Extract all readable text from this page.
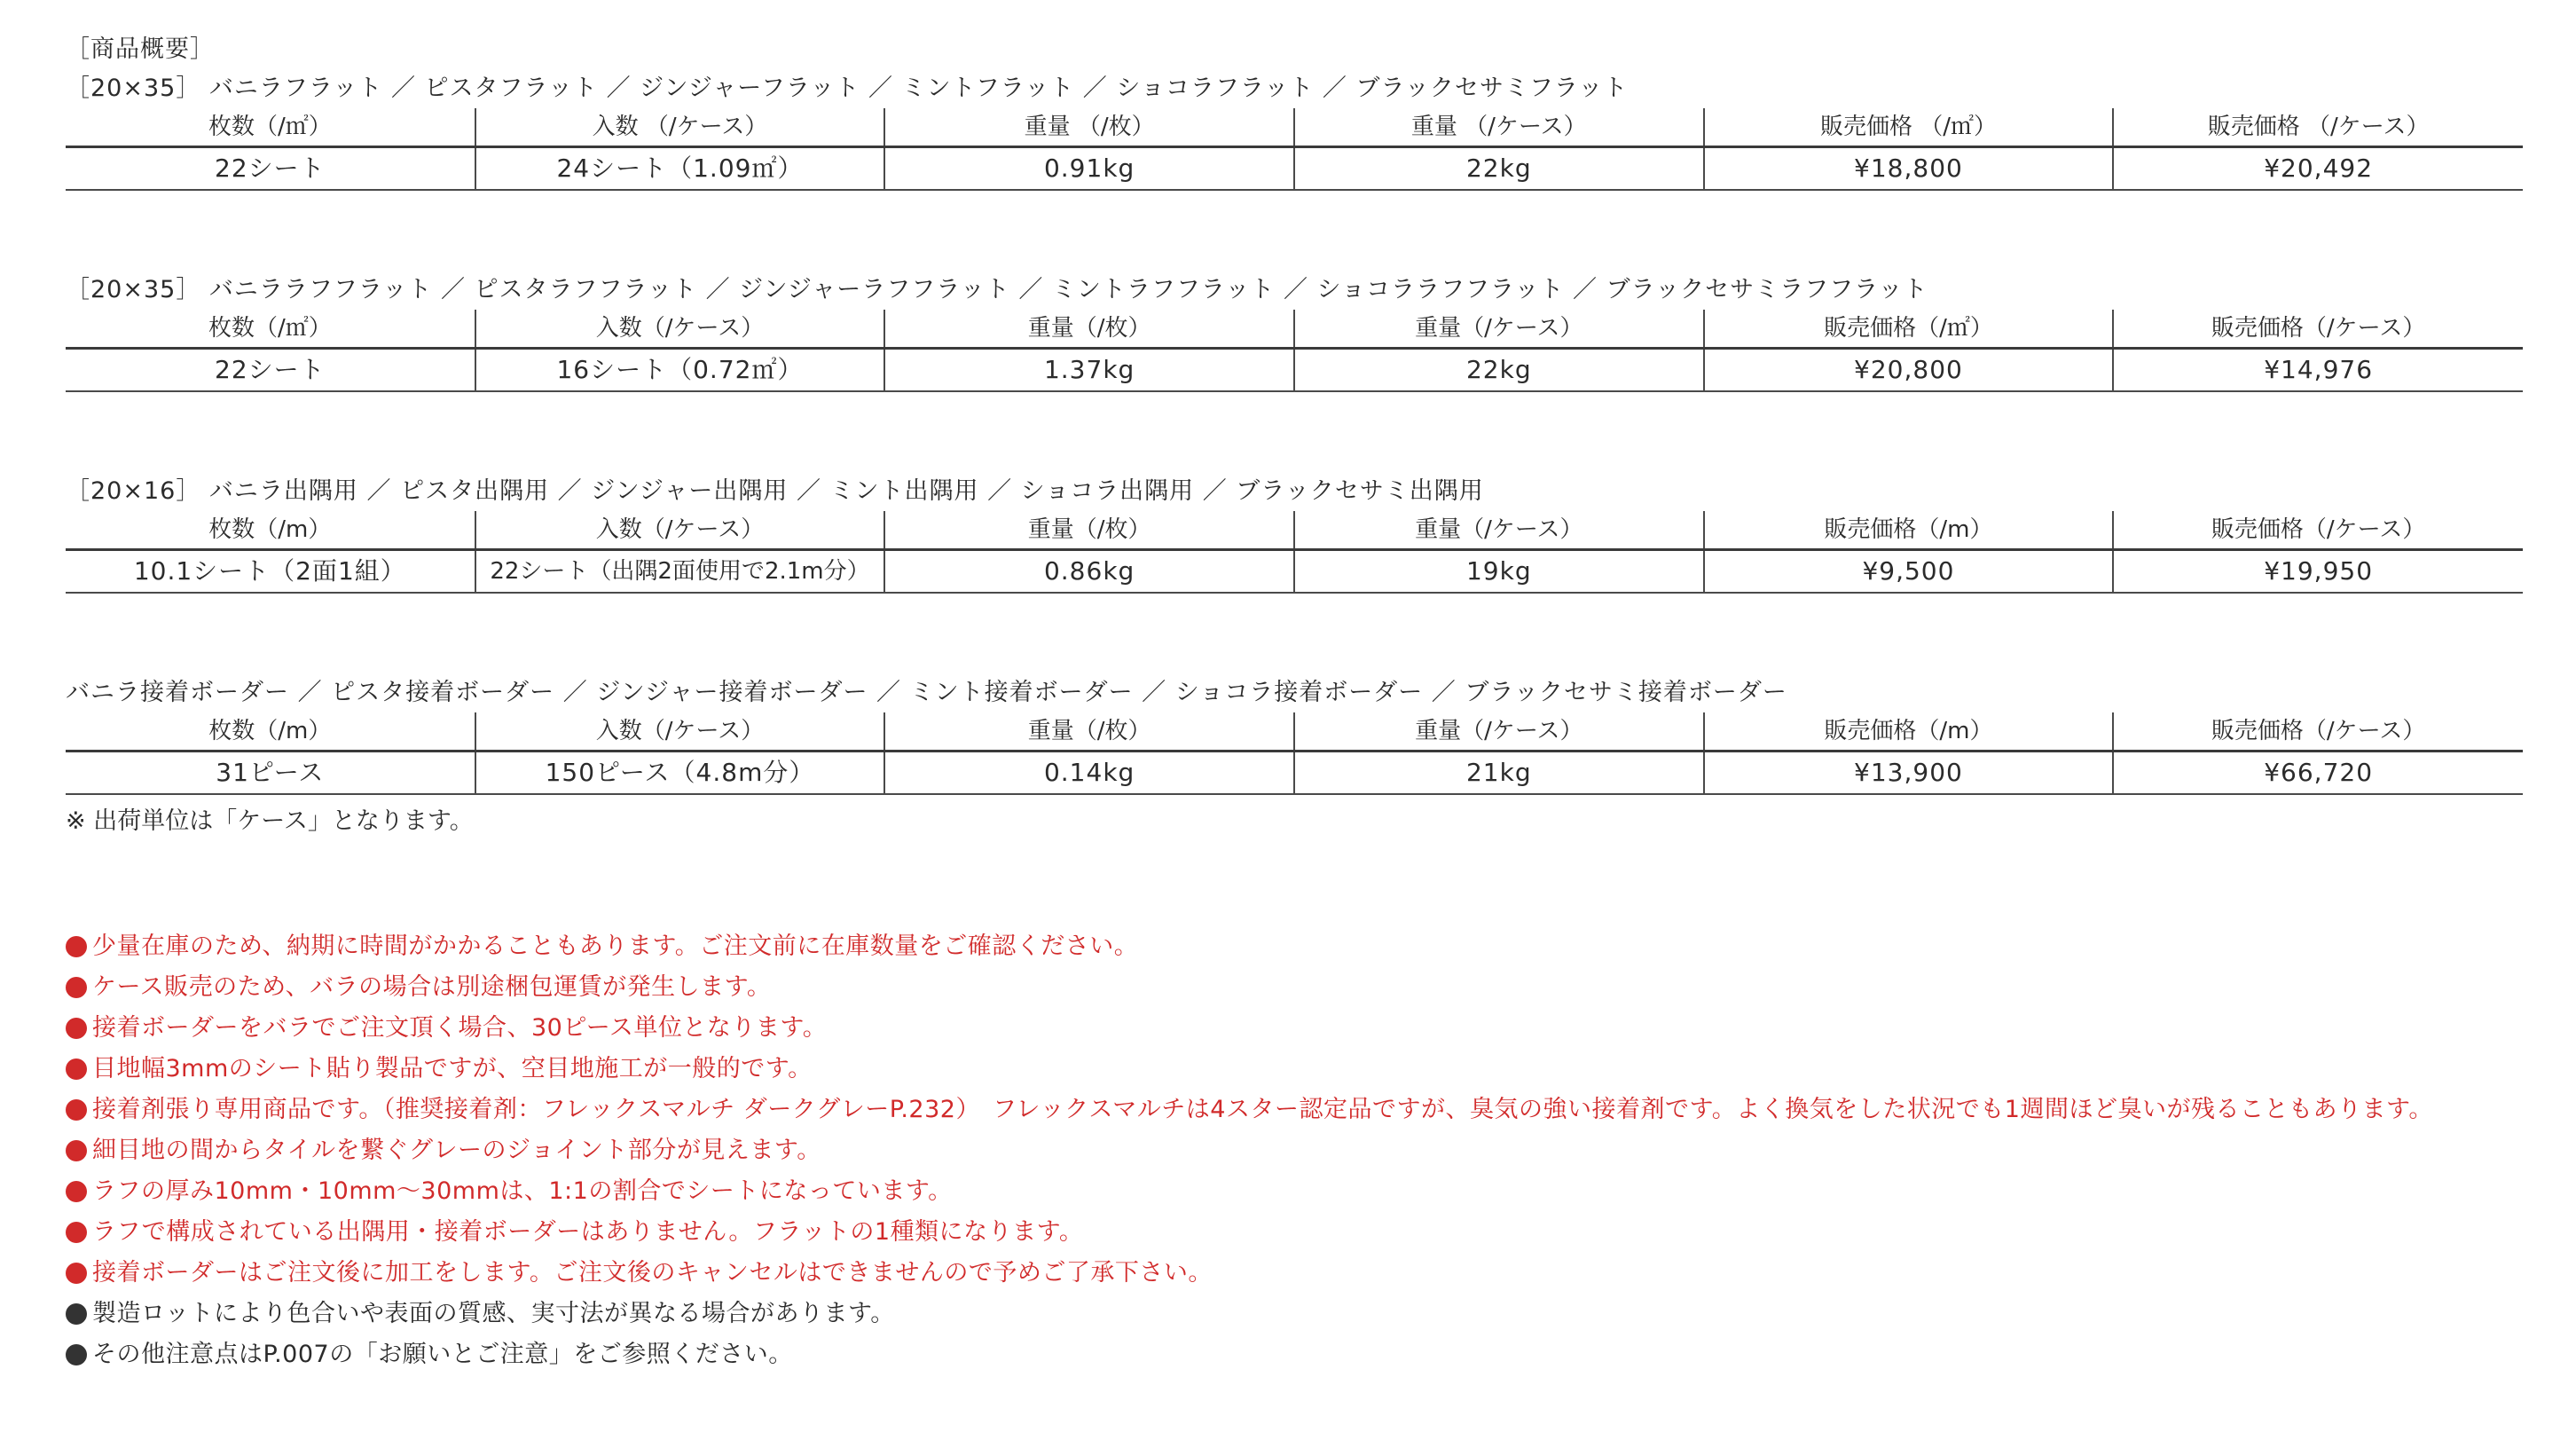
［商品概要］
［20×35］ バニラフラット ／ ピスタフラット ／ ジンジャーフラット ／ ミントフラット ／ ショコラフラット ／ ブラックセサミフラット
枚数（/㎡）	入数 （/ケース）	重量 （/枚）	重量 （/ケース）	販売価格 （/㎡）	販売価格 （/ケース）
22シート	24シート（1.09㎡）	0.91kg	22kg	¥18,800	¥20,492
［20×35］ バニララフフラット ／ ピスタラフフラット ／ ジンジャーラフフラット ／ ミントラフフラット ／ ショコララフフラット ／ ブラックセサミラフフラット
枚数（/㎡）	入数（/ケース）	重量（/枚）	重量（/ケース）	販売価格（/㎡）	販売価格（/ケース）
22シート	16シート（0.72㎡）	1.37kg	22kg	¥20,800	¥14,976
［20×16］ バニラ出隅用 ／ ピスタ出隅用 ／ ジンジャー出隅用 ／ ミント出隅用 ／ ショコラ出隅用 ／ ブラックセサミ出隅用
枚数（/m）	入数（/ケース）	重量（/枚）	重量（/ケース）	販売価格（/m）	販売価格（/ケース）
10.1シート（2面1組）	22シート（出隅2面使用で2.1m分）	0.86kg	19kg	¥9,500	¥19,950
バニラ接着ボーダー ／ ピスタ接着ボーダー ／ ジンジャー接着ボーダー ／ ミント接着ボーダー ／ ショコラ接着ボーダー ／ ブラックセサミ接着ボーダー
枚数（/m）	入数（/ケース）	重量（/枚）	重量（/ケース）	販売価格（/m）	販売価格（/ケース）
31ピース	150ピース（4.8m分）	0.14kg	21kg	¥13,900	¥66,720
※ 出荷単位は「ケース」となります。
少量在庫のため、納期に時間がかかることもあります。ご注文前に在庫数量をご確認ください。
ケース販売のため、バラの場合は別途梱包運賃が発生します。
接着ボーダーをバラでご注文頂く場合、30ピース単位となります。
目地幅3mmのシート貼り製品ですが、空目地施工が一般的です。
接着剤張り専用商品です。（推奨接着剤：フレックスマルチ ダークグレーP.232）　フレックスマルチは4スター認定品ですが、臭気の強い接着剤です。よく換気をした状況でも1週間ほど臭いが残ることもあります。
細目地の間からタイルを繋ぐグレーのジョイント部分が見えます。
ラフの厚み10mm・10mm〜30mmは、1:1の割合でシートになっています。
ラフで構成されている出隅用・接着ボーダーはありません。フラットの1種類になります。
接着ボーダーはご注文後に加工をします。ご注文後のキャンセルはできませんので予めご了承下さい。
製造ロットにより色合いや表面の質感、実寸法が異なる場合があります。
その他注意点はP.007の「お願いとご注意」をご参照ください。
